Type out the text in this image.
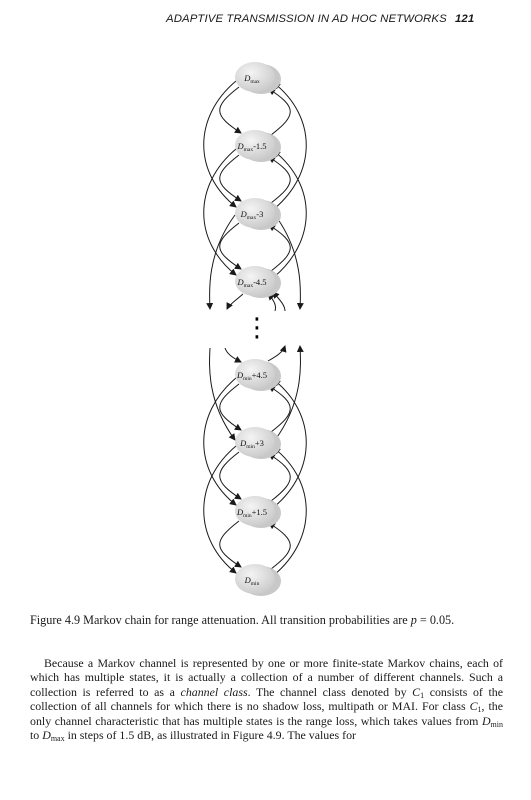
ADAPTIVE TRANSMISSION IN AD HOC NETWORKS 121
$D_{max}$
$D_{max}-1.5$
$D_{max}-3$
$D_{max}-4.5$
$D_{min}+4.5$
$D_{min}+3$
$D_{min}+1.5$
$D_{min}$
⋮
Figure 4.9 Markov chain for range attenuation. All transition probabilities are p = 0.05.

Because a Markov channel is represented by one or more finite-state Markov chains, each of which has multiple states, it is actually a collection of a number of different channels. Such a collection is referred to as a channel class. The channel class denoted by $C_1$ consists of the collection of all channels for which there is no shadow loss, multipath or MAI. For class $C_1$, the only channel characteristic that has multiple states is the range loss, which takes values from $D_{min}$ to $D_{max}$ in steps of 1.5 dB, as illustrated in Figure 4.9. The values for
